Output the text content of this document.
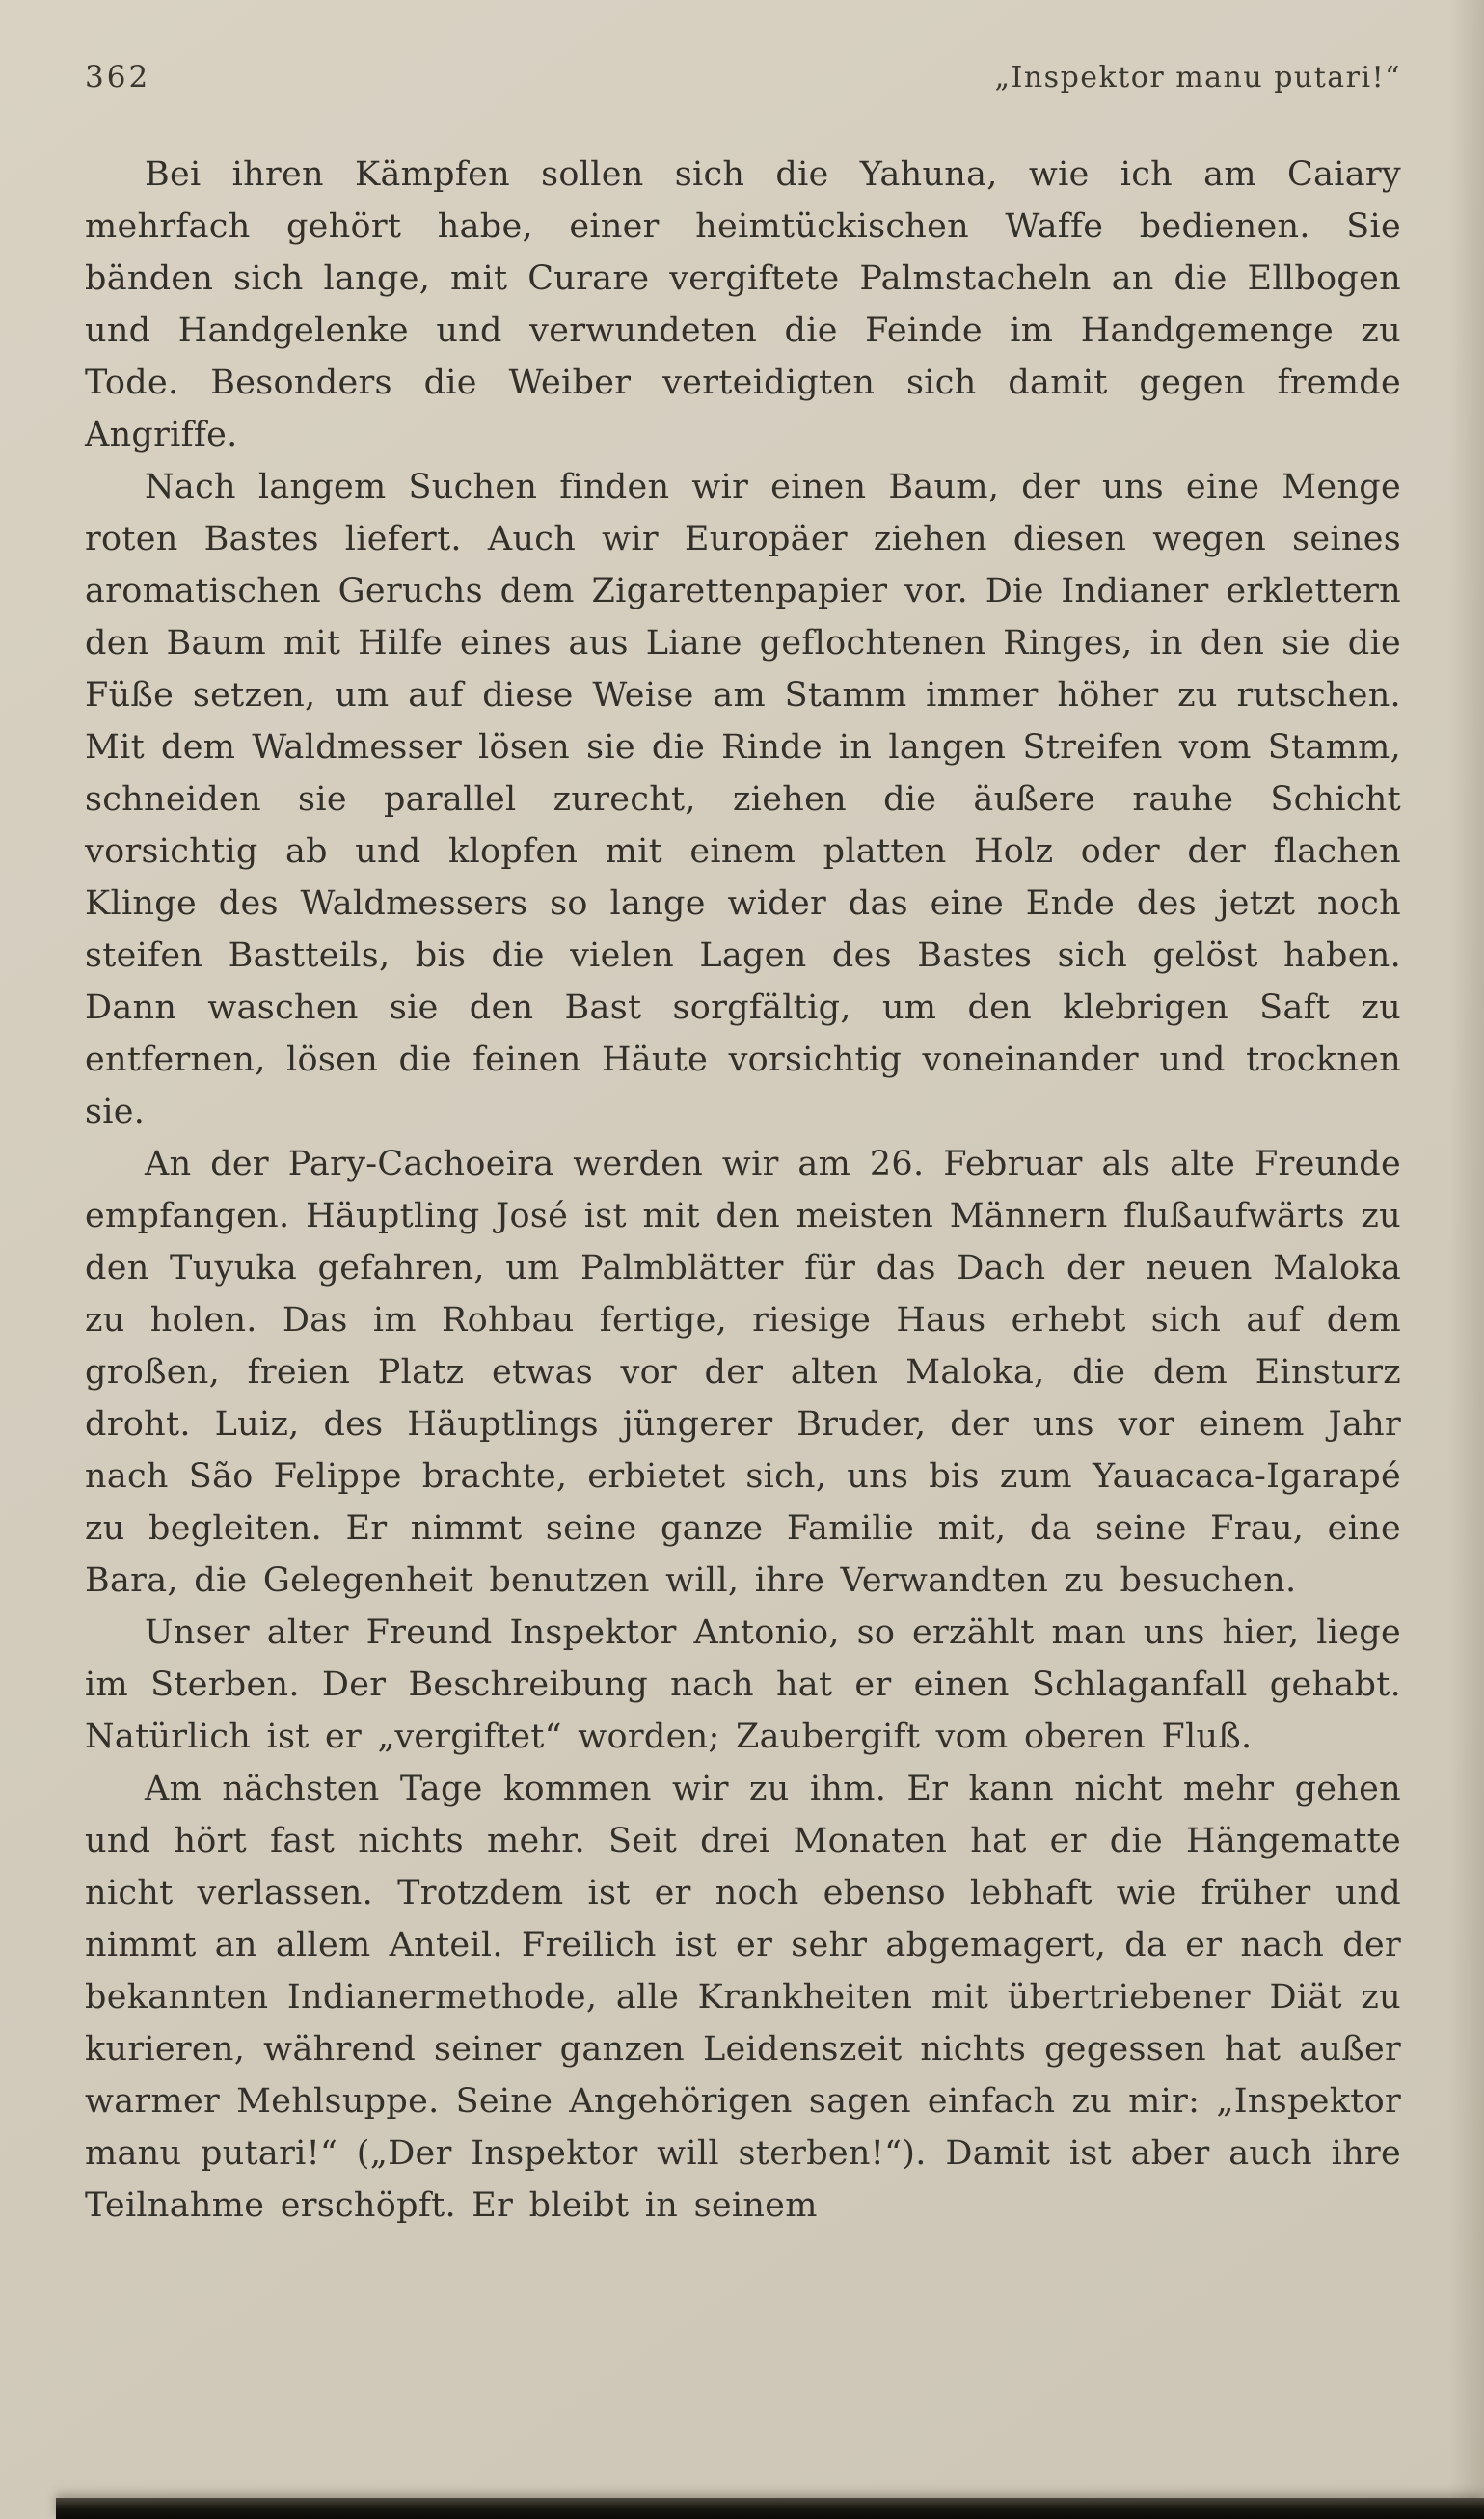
362	„Inspektor manu putari!“

Bei ihren Kämpfen sollen sich die Yahuna, wie ich am Caiary mehrfach gehört habe, einer heimtückischen Waffe bedienen. Sie bänden sich lange, mit Curare vergiftete Palmstacheln an die Ellbogen und Handgelenke und verwundeten die Feinde im Handgemenge zu Tode. Besonders die Weiber verteidigten sich damit gegen fremde Angriffe.

Nach langem Suchen finden wir einen Baum, der uns eine Menge roten Bastes liefert. Auch wir Europäer ziehen diesen wegen seines aromatischen Geruchs dem Zigarettenpapier vor. Die Indianer erklettern den Baum mit Hilfe eines aus Liane geflochtenen Ringes, in den sie die Füße setzen, um auf diese Weise am Stamm immer höher zu rutschen. Mit dem Waldmesser lösen sie die Rinde in langen Streifen vom Stamm, schneiden sie parallel zurecht, ziehen die äußere rauhe Schicht vorsichtig ab und klopfen mit einem platten Holz oder der flachen Klinge des Waldmessers so lange wider das eine Ende des jetzt noch steifen Bastteils, bis die vielen Lagen des Bastes sich gelöst haben. Dann waschen sie den Bast sorgfältig, um den klebrigen Saft zu entfernen, lösen die feinen Häute vorsichtig voneinander und trocknen sie.

An der Pary-Cachoeira werden wir am 26. Februar als alte Freunde empfangen. Häuptling José ist mit den meisten Männern flußaufwärts zu den Tuyuka gefahren, um Palmblätter für das Dach der neuen Maloka zu holen. Das im Rohbau fertige, riesige Haus erhebt sich auf dem großen, freien Platz etwas vor der alten Maloka, die dem Einsturz droht. Luiz, des Häuptlings jüngerer Bruder, der uns vor einem Jahr nach São Felippe brachte, erbietet sich, uns bis zum Yauacaca-Igarapé zu begleiten. Er nimmt seine ganze Familie mit, da seine Frau, eine Bara, die Gelegenheit benutzen will, ihre Verwandten zu besuchen.

Unser alter Freund Inspektor Antonio, so erzählt man uns hier, liege im Sterben. Der Beschreibung nach hat er einen Schlaganfall gehabt. Natürlich ist er „vergiftet“ worden; Zaubergift vom oberen Fluß.

Am nächsten Tage kommen wir zu ihm. Er kann nicht mehr gehen und hört fast nichts mehr. Seit drei Monaten hat er die Hängematte nicht verlassen. Trotzdem ist er noch ebenso lebhaft wie früher und nimmt an allem Anteil. Freilich ist er sehr abgemagert, da er nach der bekannten Indianermethode, alle Krankheiten mit übertriebener Diät zu kurieren, während seiner ganzen Leidenszeit nichts gegessen hat außer warmer Mehlsuppe. Seine Angehörigen sagen einfach zu mir: „Inspektor manu putari!“ („Der Inspektor will sterben!“). Damit ist aber auch ihre Teilnahme erschöpft. Er bleibt in seinem
